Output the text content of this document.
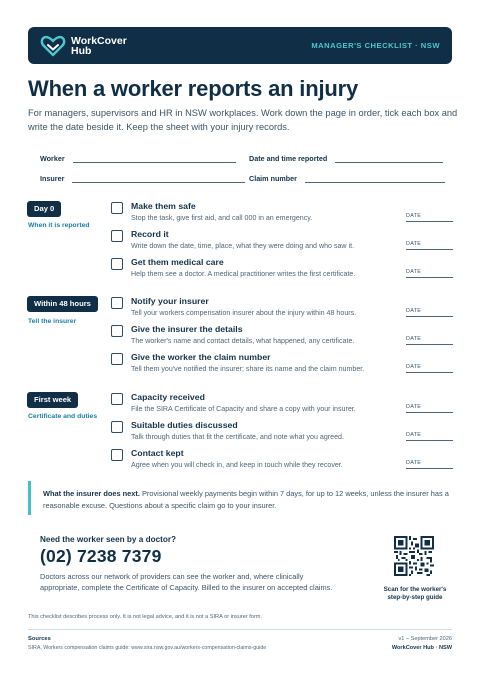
WorkCover
Hub	MANAGER'S CHECKLIST · NSW
When a worker reports an injury

For managers, supervisors and HR in NSW workplaces. Work down the page in order, tick each box and write the date beside it. Keep the sheet with your injury records.

Worker	Date and time reported
Insurer	Claim number
Day 0
When it is reported
Make them safe
Stop the task, give first aid, and call 000 in an emergency.	DATE
Record it
Write down the date, time, place, what they were doing and who saw it.	DATE
Get them medical care
Help them see a doctor. A medical practitioner writes the first certificate.	DATE
Within 48 hours
Tell the insurer
Notify your insurer
Tell your workers compensation insurer about the injury within 48 hours.	DATE
Give the insurer the details
The worker's name and contact details, what happened, any certificate.	DATE
Give the worker the claim number
Tell them you've notified the insurer; share its name and the claim number.	DATE
First week
Certificate and duties
Capacity received
File the SIRA Certificate of Capacity and share a copy with your insurer.	DATE
Suitable duties discussed
Talk through duties that fit the certificate, and note what you agreed.	DATE
Contact kept
Agree when you will check in, and keep in touch while they recover.	DATE
What the insurer does next. Provisional weekly payments begin within 7 days, for up to 12 weeks, unless the insurer has a reasonable excuse. Questions about a specific claim go to your insurer.
Need the worker seen by a doctor?
(02) 7238 7379
Doctors across our network of providers can see the worker and, where clinically appropriate, complete the Certificate of Capacity. Billed to the insurer on accepted claims.	Scan for the worker's
step-by-step guide
This checklist describes process only. It is not legal advice, and it is not a SIRA or insurer form.
Sources
SIRA, Workers compensation claims guide: www.sira.nsw.gov.au/workers-compensation-claims-guide
v1 – September 2026
WorkCover Hub · NSW
